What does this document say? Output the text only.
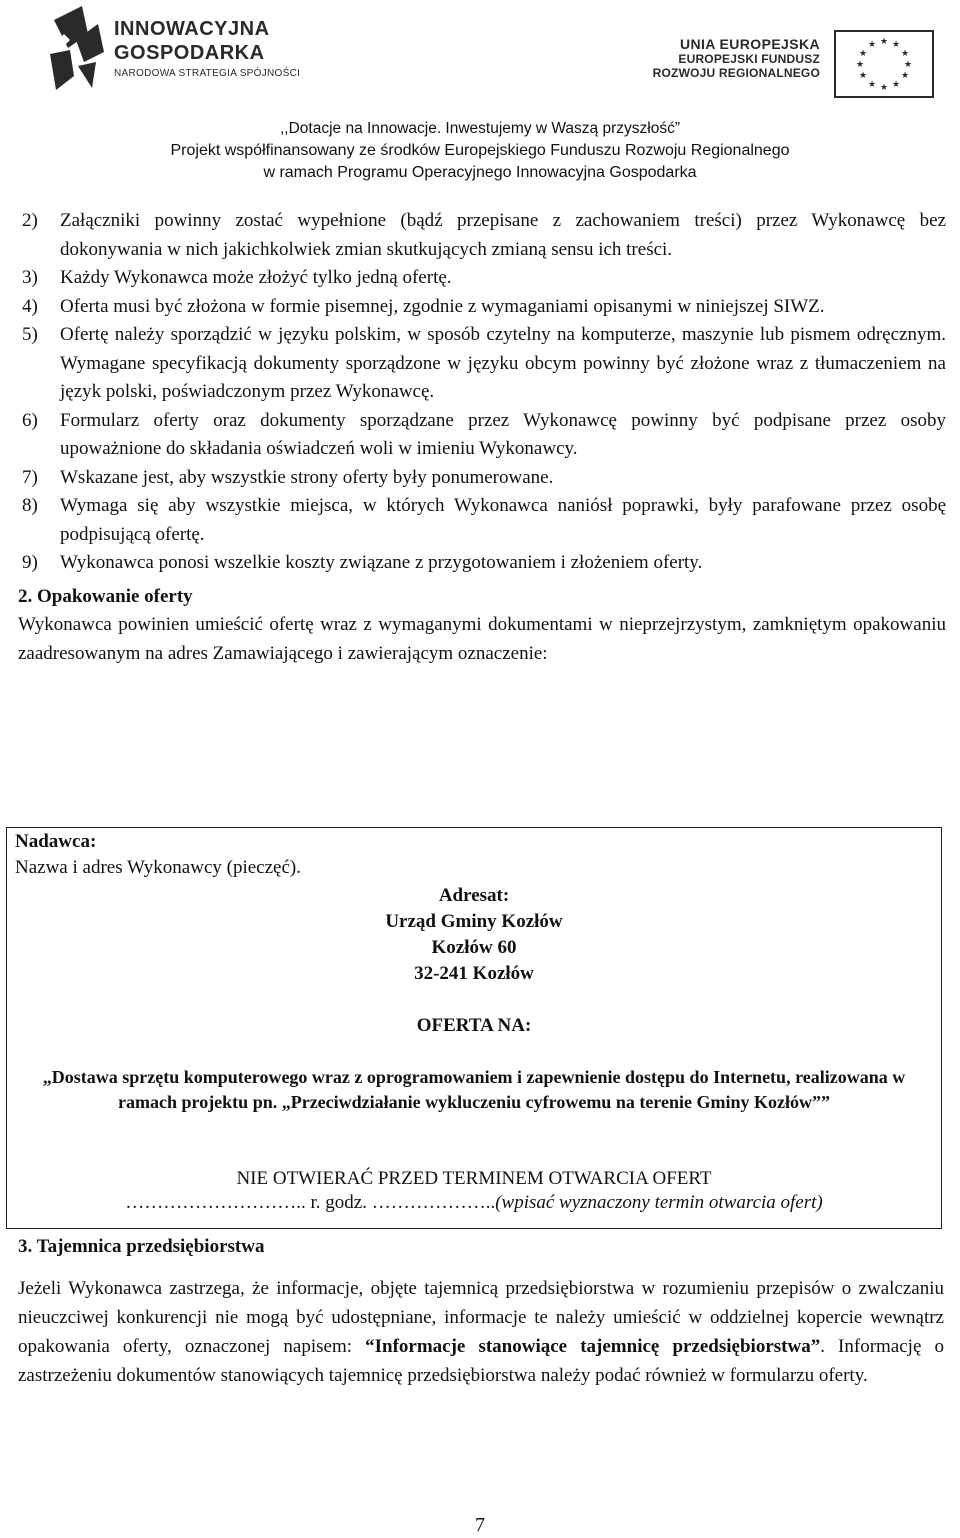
INNOWACYJNA
GOSPODARKA
NARODOWA STRATEGIA SPÓJNOŚCI
UNIA EUROPEJSKA
EUROPEJSKI FUNDUSZ
ROZWOJU REGIONALNEGO
★ ★
★
★
★
★
★
★
★
★
★
★
,,Dotacje na Innowacje. Inwestujemy w Waszą przyszłość”
Projekt współfinansowany ze środków Europejskiego Funduszu Rozwoju Regionalnego
w ramach Programu Operacyjnego Innowacyjna Gospodarka
2) Załączniki powinny zostać wypełnione (bądź przepisane z zachowaniem treści) przez Wykonawcę bez dokonywania w nich jakichkolwiek zmian skutkujących zmianą sensu ich treści.
3) Każdy Wykonawca może złożyć tylko jedną ofertę.
4) Oferta musi być złożona w formie pisemnej, zgodnie z wymaganiami opisanymi w niniejszej SIWZ.
5) Ofertę należy sporządzić w języku polskim, w sposób czytelny na komputerze, maszynie lub pismem odręcznym. Wymagane specyfikacją dokumenty sporządzone w języku obcym powinny być złożone wraz z tłumaczeniem na język polski, poświadczonym przez Wykonawcę.
6) Formularz oferty oraz dokumenty sporządzane przez Wykonawcę powinny być podpisane przez osoby upoważnione do składania oświadczeń woli w imieniu Wykonawcy.
7) Wskazane jest, aby wszystkie strony oferty były ponumerowane.
8) Wymaga się aby wszystkie miejsca, w których Wykonawca naniósł poprawki, były parafowane przez osobę podpisującą ofertę.
9) Wykonawca ponosi wszelkie koszty związane z przygotowaniem i złożeniem oferty.
2. Opakowanie oferty

Wykonawca powinien umieścić ofertę wraz z wymaganymi dokumentami w nieprzejrzystym, zamkniętym opakowaniu zaadresowanym na adres Zamawiającego i zawierającym oznaczenie:

Nadawca:
Nazwa i adres Wykonawcy (pieczęć).
Adresat:
Urząd Gminy Kozłów
Kozłów 60
32-241 Kozłów
OFERTA NA:
„Dostawa sprzętu komputerowego wraz z oprogramowaniem i zapewnienie dostępu do Internetu, realizowana w ramach projektu pn. „Przeciwdziałanie wykluczeniu cyfrowemu na terenie Gminy Kozłów””
NIE OTWIERAĆ PRZED TERMINEM OTWARCIA OFERT
……………………….. r. godz. ………………..(wpisać wyznaczony termin otwarcia ofert)
3. Tajemnica przedsiębiorstwa

Jeżeli Wykonawca zastrzega, że informacje, objęte tajemnicą przedsiębiorstwa w rozumieniu przepisów o zwalczaniu nieuczciwej konkurencji nie mogą być udostępniane, informacje te należy umieścić w oddzielnej kopercie wewnątrz opakowania oferty, oznaczonej napisem: “Informacje stanowiące tajemnicę przedsiębiorstwa”. Informację o zastrzeżeniu dokumentów stanowiących tajemnicę przedsiębiorstwa należy podać również w formularzu oferty.

7
